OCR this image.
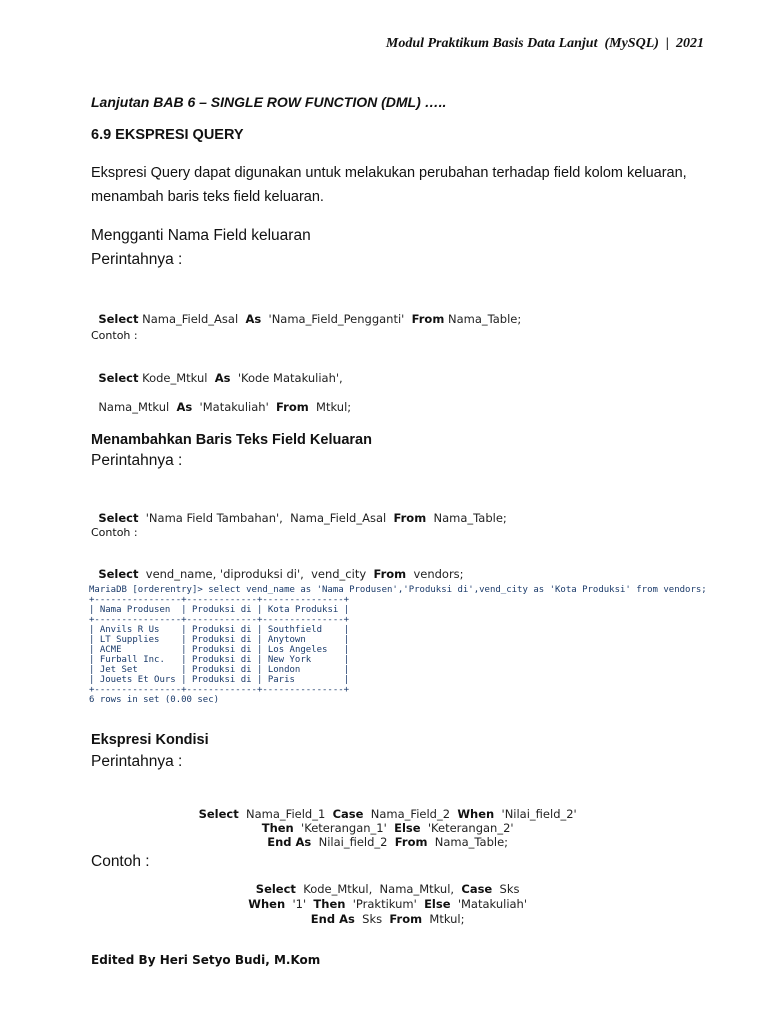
Modul Praktikum Basis Data Lanjut  (MySQL)  |  2021
Lanjutan BAB 6 – SINGLE ROW FUNCTION (DML) …..
6.9 EKSPRESI QUERY
Ekspresi Query dapat digunakan untuk melakukan perubahan terhadap field kolom keluaran, menambah baris teks field keluaran.
Mengganti Nama Field keluaran
Perintahnya :

Select Nama_Field_Asal  As  'Nama_Field_Pengganti'  From Nama_Table;

Contoh :

Select Kode_Mtkul  As  'Kode Matakuliah',

Nama_Mtkul  As  'Matakuliah'  From  Mtkul;

Menambahkan Baris Teks Field Keluaran
Perintahnya :

Select  'Nama Field Tambahan',  Nama_Field_Asal  From  Nama_Table;

Contoh :

Select  vend_name, 'diproduksi di',  vend_city  From  vendors;

MariaDB [orderentry]> select vend_name as 'Nama Produsen','Produksi di',vend_city as 'Kota Produksi' from vendors;
+----------------+-------------+---------------+
| Nama Produsen  | Produksi di | Kota Produksi |
+----------------+-------------+---------------+
| Anvils R Us    | Produksi di | Southfield    |
| LT Supplies    | Produksi di | Anytown	|
| ACME           | Produksi di | Los Angeles   |
| Furball Inc.   | Produksi di | New York	|
| Jet Set        | Produksi di | London	|
| Jouets Et Ours | Produksi di | Paris	|
+----------------+-------------+---------------+
6 rows in set (0.00 sec)
Ekspresi Kondisi
Perintahnya :

Select  Nama_Field_1  Case  Nama_Field_2  When  'Nilai_field_2'

Then  'Keterangan_1'  Else  'Keterangan_2'

End As  Nilai_field_2  From  Nama_Table;

Contoh :

Select  Kode_Mtkul,  Nama_Mtkul,  Case  Sks

When  '1'  Then  'Praktikum'  Else  'Matakuliah'

End As  Sks  From  Mtkul;

Edited By Heri Setyo Budi, M.Kom
